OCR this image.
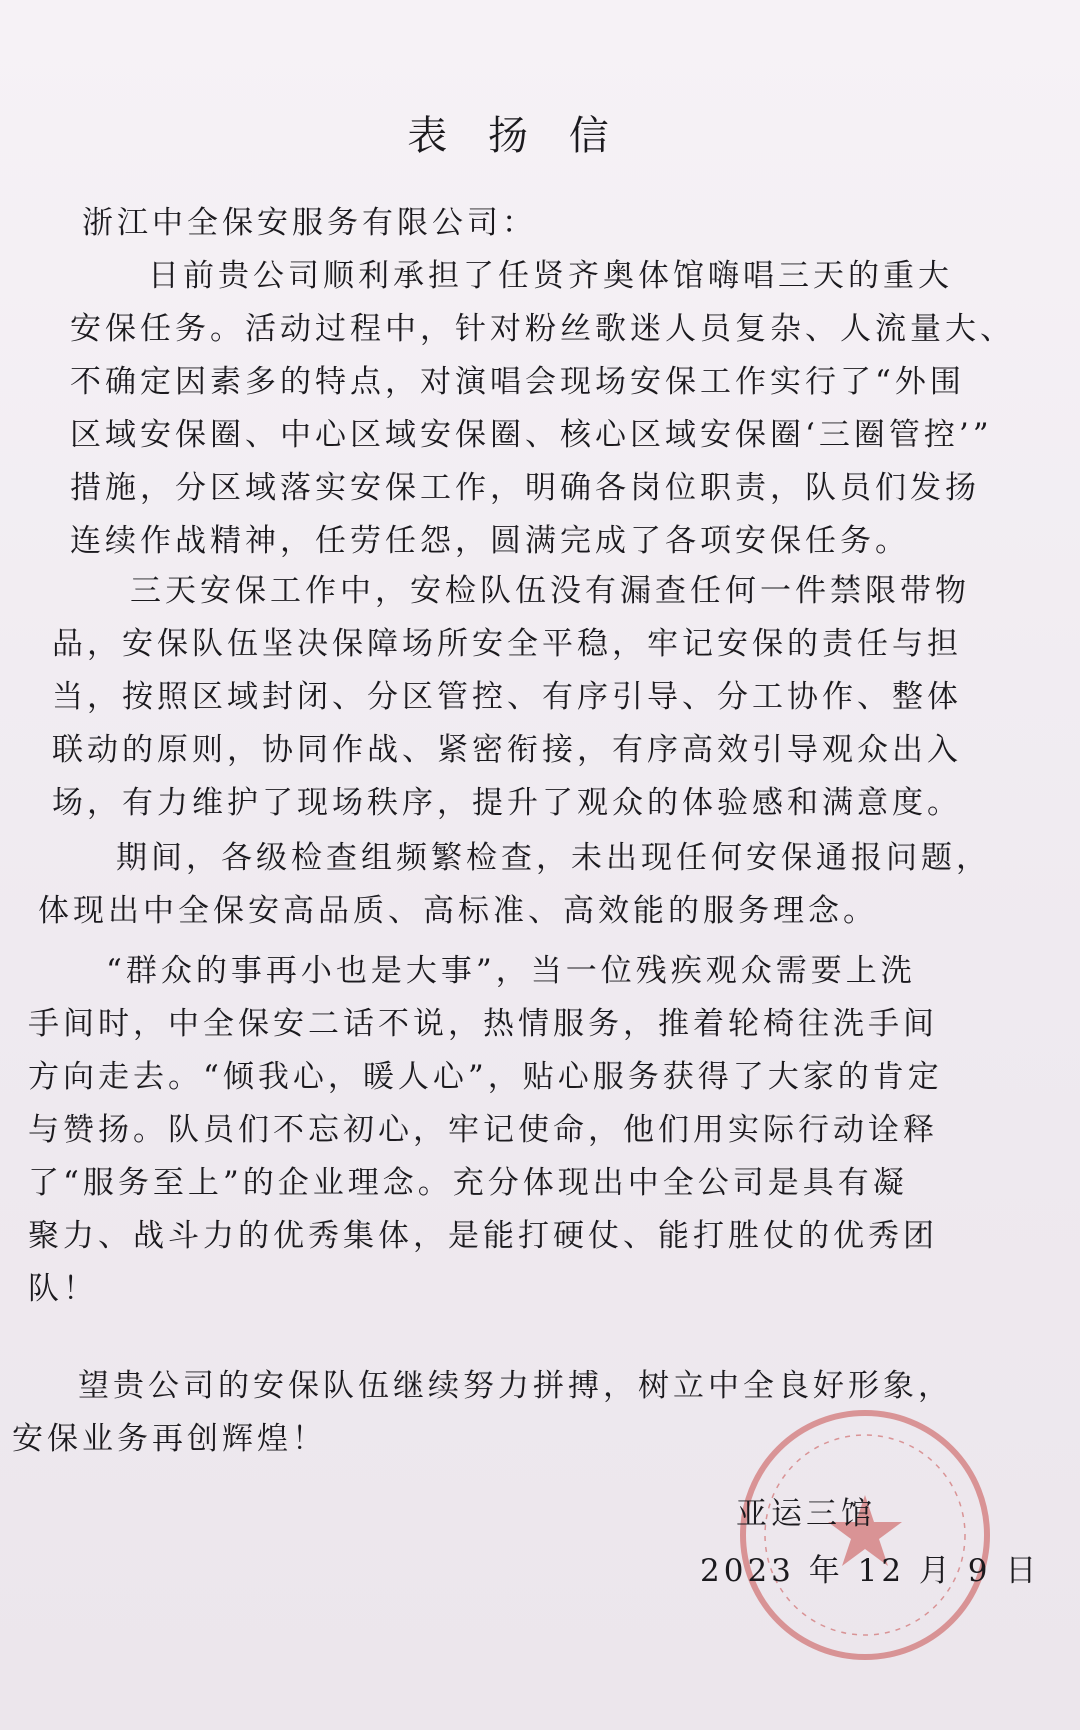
表 扬 信

浙江中全保安服务有限公司：

日前贵公司顺利承担了任贤齐奥体馆嗨唱三天的重大
安保任务。活动过程中，针对粉丝歌迷人员复杂、人流量大、
不确定因素多的特点，对演唱会现场安保工作实行了“外围
区域安保圈、中心区域安保圈、核心区域安保圈‘三圈管控’”
措施，分区域落实安保工作，明确各岗位职责，队员们发扬
连续作战精神，任劳任怨，圆满完成了各项安保任务。

三天安保工作中，安检队伍没有漏查任何一件禁限带物
品，安保队伍坚决保障场所安全平稳，牢记安保的责任与担
当，按照区域封闭、分区管控、有序引导、分工协作、整体
联动的原则，协同作战、紧密衔接，有序高效引导观众出入
场，有力维护了现场秩序，提升了观众的体验感和满意度。

期间，各级检查组频繁检查，未出现任何安保通报问题，
体现出中全保安高品质、高标准、高效能的服务理念。

“群众的事再小也是大事”，当一位残疾观众需要上洗
手间时，中全保安二话不说，热情服务，推着轮椅往洗手间
方向走去。“倾我心，暖人心”，贴心服务获得了大家的肯定
与赞扬。队员们不忘初心，牢记使命，他们用实际行动诠释
了“服务至上”的企业理念。充分体现出中全公司是具有凝
聚力、战斗力的优秀集体，是能打硬仗、能打胜仗的优秀团
队！

望贵公司的安保队伍继续努力拼搏，树立中全良好形象，
安保业务再创辉煌！

亚运三馆
2023 年 12 月 9 日
